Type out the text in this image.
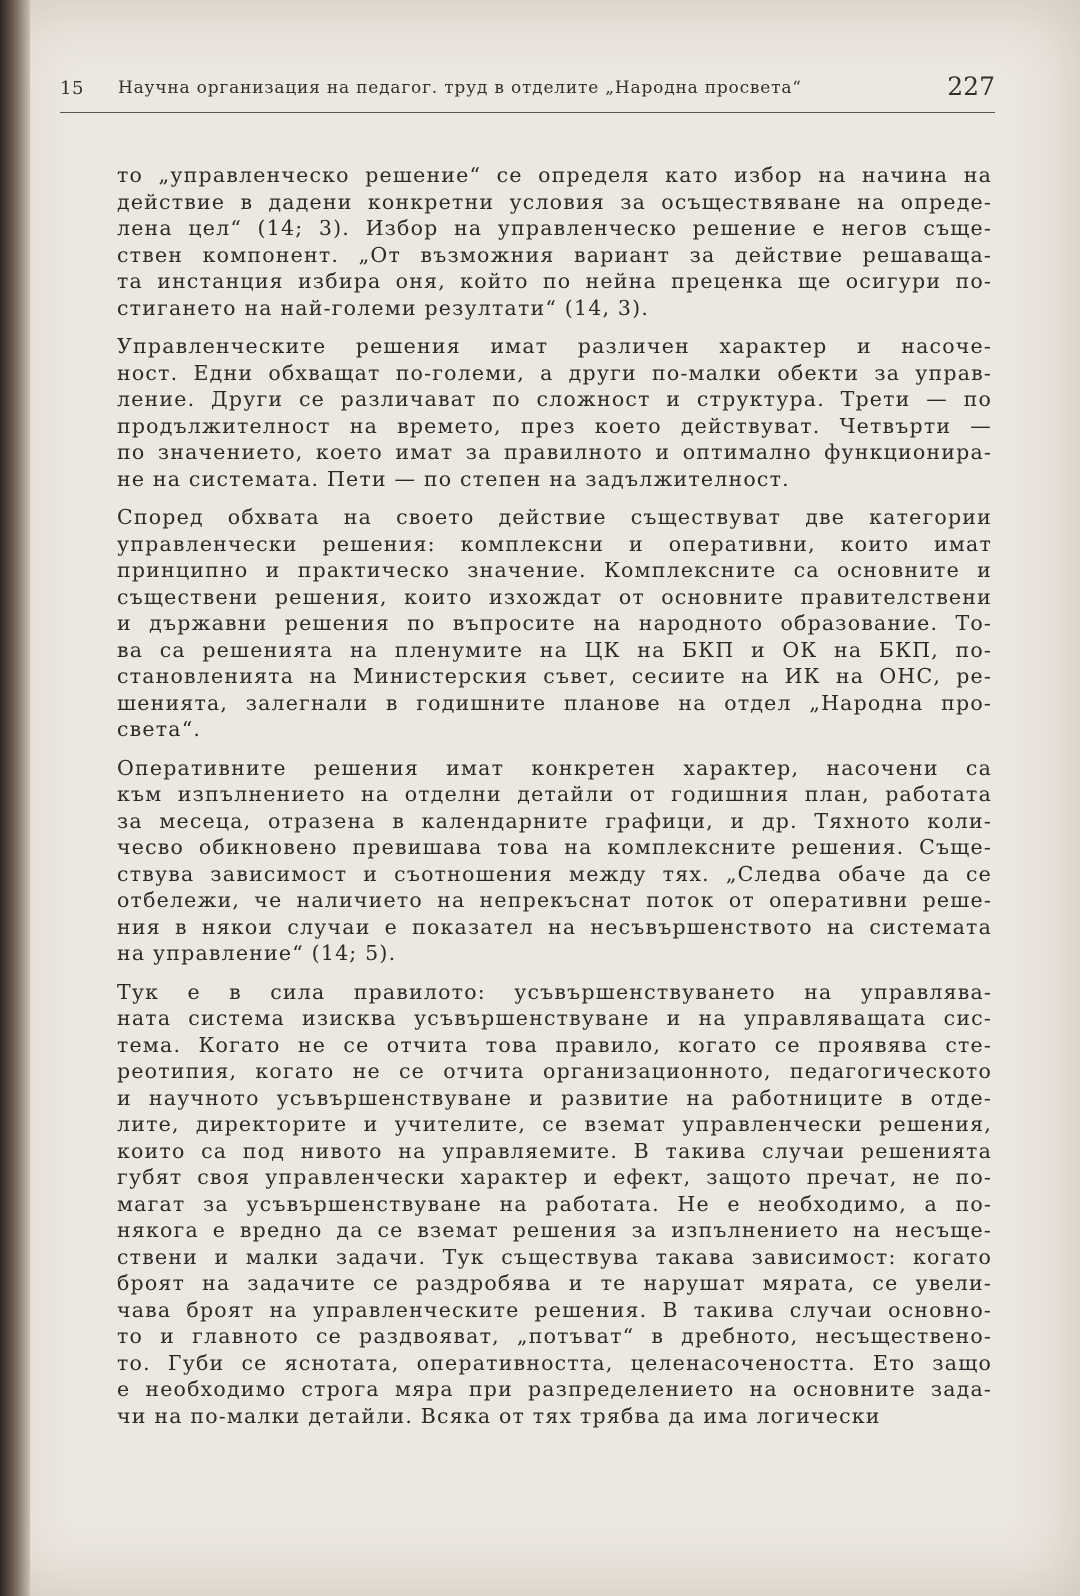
15 Научна организация на педагог. труд в отделите „Народна просвета“	227
то „управленческо решение“ се определя като избор на начина на
действие в дадени конкретни условия за осъществяване на опреде-
лена цел“ (14; 3). Избор на управленческо решение е негов съще-
ствен компонент. „От възможния вариант за действие решаваща-
та инстанция избира оня, който по нейна преценка ще осигури по-
стигането на най-големи резултати“ (14, 3).
Управленческите решения имат различен характер и насоче-
ност. Едни обхващат по-големи, а други по-малки обекти за управ-
ление. Други се различават по сложност и структура. Трети — по
продължителност на времето, през което действуват. Четвърти —
по значението, което имат за правилното и оптимално функционира-
не на системата. Пети — по степен на задължителност.
Според обхвата на своето действие съществуват две категории
управленчески решения: комплексни и оперативни, които имат
принципно и практическо значение. Комплексните са основните и
съществени решения, които изхождат от основните правителствени
и държавни решения по въпросите на народното образование. То-
ва са решенията на пленумите на ЦК на БКП и ОК на БКП, по-
становленията на Министерския съвет, сесиите на ИК на ОНС, ре-
шенията, залегнали в годишните планове на отдел „Народна про-
света“.
Оперативните решения имат конкретен характер, насочени са
към изпълнението на отделни детайли от годишния план, работата
за месеца, отразена в календарните графици, и др. Тяхното коли-
чесво обикновено превишава това на комплексните решения. Съще-
ствува зависимост и съотношения между тях. „Следва обаче да се
отбележи, че наличието на непрекъснат поток от оперативни реше-
ния в някои случаи е показател на несъвършенството на системата
на управление“ (14; 5).
Тук е в сила правилото: усъвършенствуването на управлява-
ната система изисква усъвършенствуване и на управляващата сис-
тема. Когато не се отчита това правило, когато се проявява сте-
реотипия, когато не се отчита организационното, педагогическото
и научното усъвършенствуване и развитие на работниците в отде-
лите, директорите и учителите, се вземат управленчески решения,
които са под нивото на управляемите. В такива случаи решенията
губят своя управленчески характер и ефект, защото пречат, не по-
магат за усъвършенствуване на работата. Не е необходимо, а по-
някога е вредно да се вземат решения за изпълнението на несъще-
ствени и малки задачи. Тук съществува такава зависимост: когато
броят на задачите се раздробява и те нарушат мярата, се увели-
чава броят на управленческите решения. В такива случаи основно-
то и главното се раздвояват, „потъват“ в дребното, несъществено-
то. Губи се яснотата, оперативността, целенасочеността. Ето защо
е необходимо строга мяра при разпределението на основните зада-
чи на по-малки детайли. Всяка от тях трябва да има логически
